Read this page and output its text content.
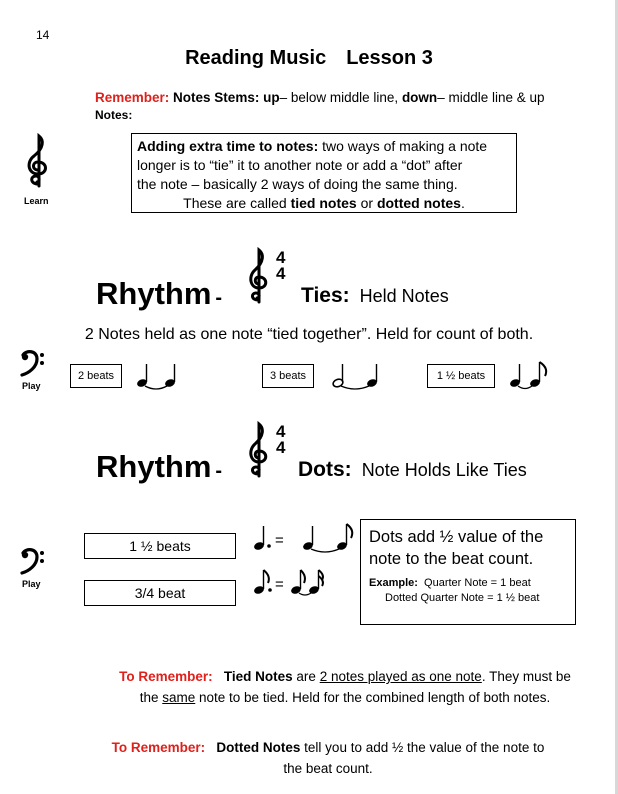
14
Reading Music Lesson 3
Remember: Notes Stems: up– below middle line, down– middle line & up
Notes:
Learn
Adding extra time to notes: two ways of making a note
longer is to “tie” it to another note or add a “dot” after
the note – basically 2 ways of doing the same thing.
These are called tied notes or dotted notes.
Rhythm -
4
4
Ties: Held Notes
2 Notes held as one note “tied together”. Held for count of both.
Play
2 beats	3 beats	1 ½ beats
Rhythm -
4
4
Dots: Note Holds Like Ties
Play
1 ½ beats
3/4 beat
=
=
Dots add ½ value of the
note to the beat count.
Example: Quarter Note = 1 beat
Dotted Quarter Note = 1 ½ beat
To Remember: Tied Notes are 2 notes played as one note. They must be
the same note to be tied. Held for the combined length of both notes.
To Remember: Dotted Notes tell you to add ½ the value of the note to
the beat count.
